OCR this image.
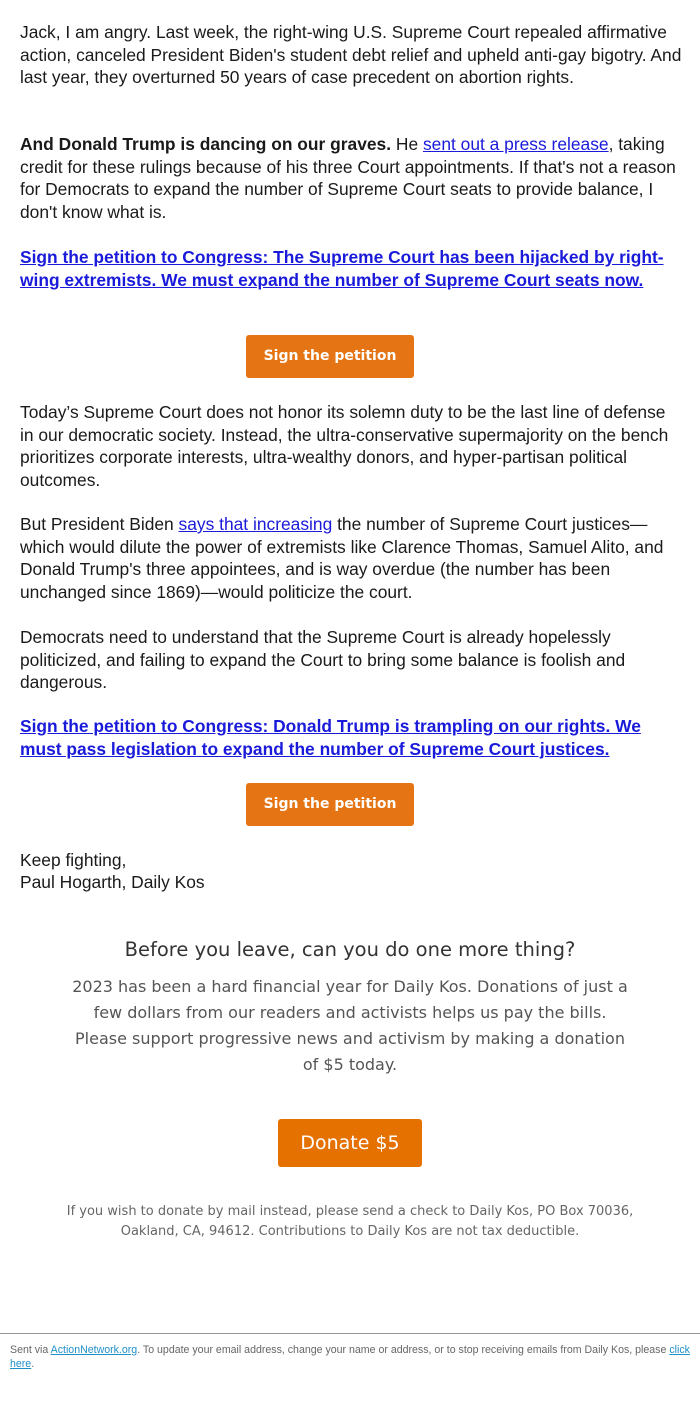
Jack, I am angry. Last week, the right-wing U.S. Supreme Court repealed affirmative action, canceled President Biden's student debt relief and upheld anti-gay bigotry. And last year, they overturned 50 years of case precedent on abortion rights.

And Donald Trump is dancing on our graves. He sent out a press release, taking credit for these rulings because of his three Court appointments. If that's not a reason for Democrats to expand the number of Supreme Court seats to provide balance, I don't know what is.

Sign the petition to Congress: The Supreme Court has been hijacked by right-wing extremists. We must expand the number of Supreme Court seats now.
Sign the petition

Today’s Supreme Court does not honor its solemn duty to be the last line of defense in our democratic society. Instead, the ultra-conservative supermajority on the bench prioritizes corporate interests, ultra-wealthy donors, and hyper-partisan political outcomes.

But President Biden says that increasing the number of Supreme Court justices—which would dilute the power of extremists like Clarence Thomas, Samuel Alito, and Donald Trump's three appointees, and is way overdue (the number has been unchanged since 1869)—would politicize the court.

Democrats need to understand that the Supreme Court is already hopelessly politicized, and failing to expand the Court to bring some balance is foolish and dangerous.

Sign the petition to Congress: Donald Trump is trampling on our rights. We must pass legislation to expand the number of Supreme Court justices.
Sign the petition

Keep fighting,

Paul Hogarth, Daily Kos

Before you leave, can you do one more thing?
2023 has been a hard financial year for Daily Kos. Donations of just a few dollars from our readers and activists helps us pay the bills. Please support progressive news and activism by making a donation of $5 today.
Donate $5
If you wish to donate by mail instead, please send a check to Daily Kos, PO Box 70036, Oakland, CA, 94612. Contributions to Daily Kos are not tax deductible.
Sent via ActionNetwork.org. To update your email address, change your name or address, or to stop receiving emails from Daily Kos, please click here.
